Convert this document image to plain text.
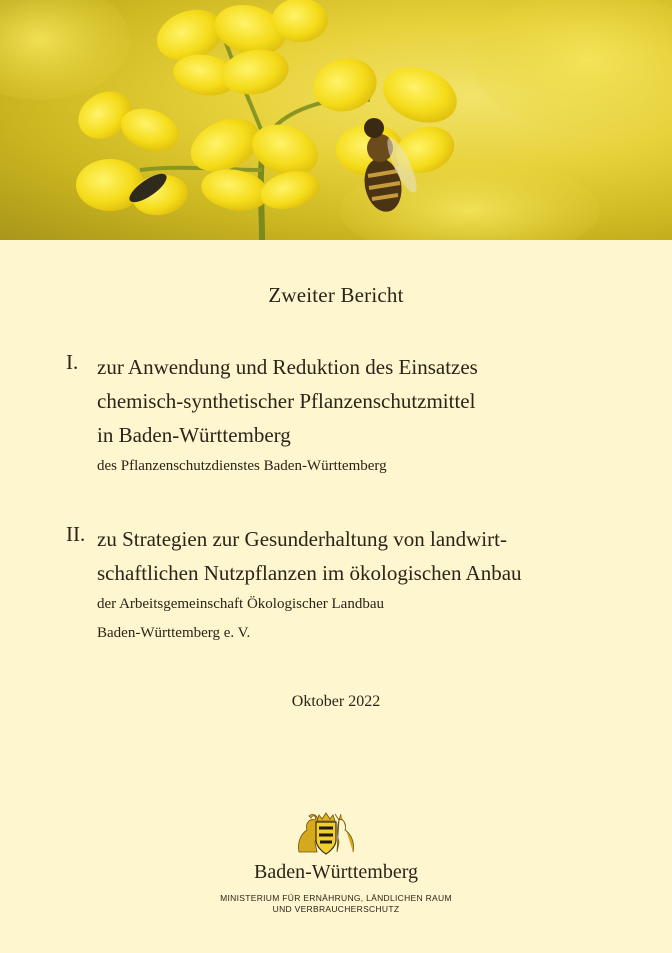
Zweiter Bericht
I. zur Anwendung und Reduktion des Einsatzes

chemisch-synthetischer Pflanzenschutzmittel

in Baden-Württemberg

des Pflanzenschutzdienstes Baden-Württemberg

II. zu Strategien zur Gesunderhaltung von landwirt-

schaftlichen Nutzpflanzen im ökologischen Anbau

der Arbeitsgemeinschaft Ökologischer Landbau

Baden-Württemberg e. V.

Oktober 2022
Baden-Württemberg
MINISTERIUM FÜR ERNÄHRUNG, LÄNDLICHEN RAUM
UND VERBRAUCHERSCHUTZ
